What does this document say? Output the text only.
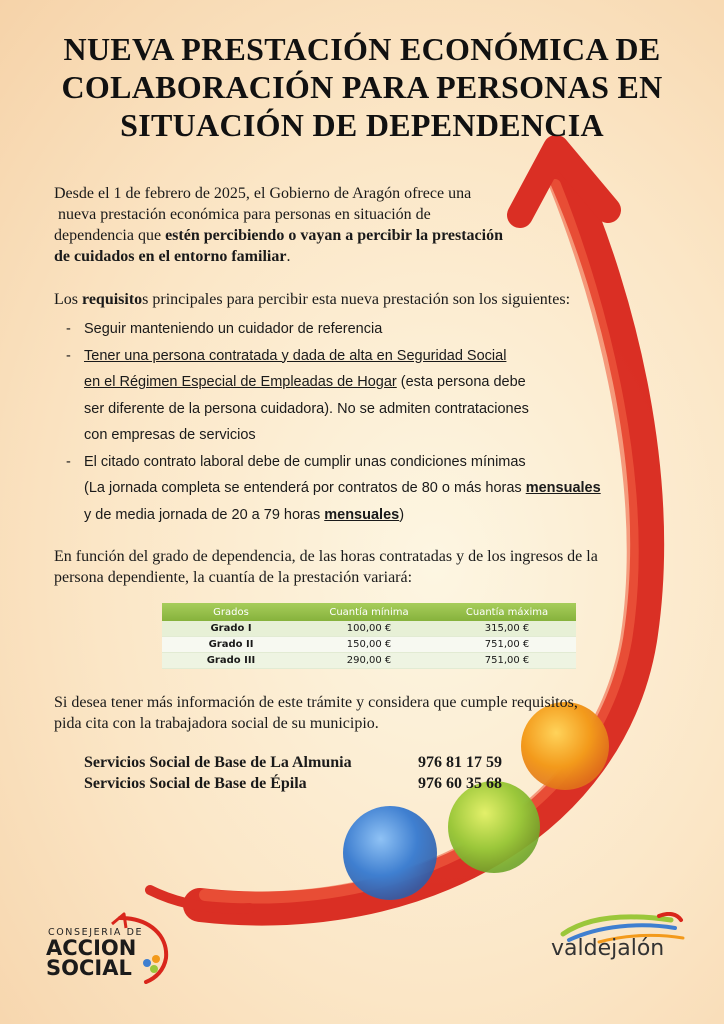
NUEVA PRESTACIÓN ECONÓMICA DE
COLABORACIÓN PARA PERSONAS EN
SITUACIÓN DE DEPENDENCIA
Desde el 1 de febrero de 2025, el Gobierno de Aragón ofrece una
nueva prestación económica para personas en situación de
dependencia que estén percibiendo o vayan a percibir la prestación
de cuidados en el entorno familiar.
Los requisitos principales para percibir esta nueva prestación son los siguientes:
- Seguir manteniendo un cuidador de referencia
- Tener una persona contratada y dada de alta en Seguridad Social
en el Régimen Especial de Empleadas de Hogar (esta persona debe
ser diferente de la persona cuidadora). No se admiten contrataciones
con empresas de servicios
- El citado contrato laboral debe de cumplir unas condiciones mínimas
(La jornada completa se entenderá por contratos de 80 o más horas mensuales
y de media jornada de 20 a 79 horas mensuales)
En función del grado de dependencia, de las horas contratadas y de los ingresos de la
persona dependiente, la cuantía de la prestación variará:
Grados	Cuantía mínima	Cuantía máxima
Grado I	100,00 €	315,00 €
Grado II	150,00 €	751,00 €
Grado III	290,00 €	751,00 €
Si desea tener más información de este trámite y considera que cumple requisitos,
pida cita con la trabajadora social de su municipio.
Servicios Social de Base de La Almunia	976 81 17 59
Servicios Social de Base de Épila	976 60 35 68
CONSEJERIA DE
ACCION
SOCIAL
valdejalón
